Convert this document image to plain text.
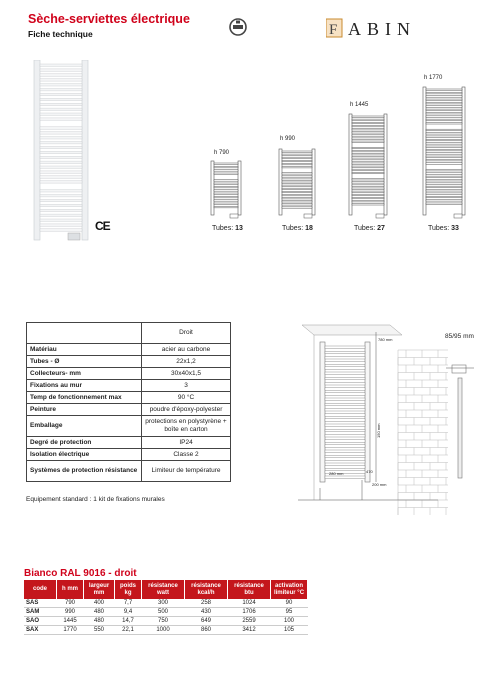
Sèche-serviettes électrique
Fiche technique	F ABIN
CE
h 790
h 990
h 1445
h 1770
Tubes: 13	Tubes: 18	Tubes: 27	Tubes: 33
	Droit
Matériau	acier au carbone
Tubes - Ø	22x1,2
Collecteurs- mm	30x40x1,5
Fixations au mur	3
Temp de fonctionnement max	90 °C
Peinture	poudre d'époxy-polyester
Emballage	protections en polystyrène + boîte en carton
Degré de protection	IP24
Isolation électrique	Classe 2
Systèmes de protection résistance	Limiteur de température
Equipement standard : 1 kit de fixations murales
780 mm
150 mm
280 mm	470
200 mm
85/95 mm
Bianco RAL 9016 - droit
code	h mm	largeur mm	poids kg	résistance watt	résistance kcal/h	résistance btu	activation limiteur °C
SAS	790	400	7,7	300	258	1024	90
SAM	990	480	9,4	500	430	1706	95
SAO	1445	480	14,7	750	649	2559	100
SAX	1770	550	22,1	1000	860	3412	105
